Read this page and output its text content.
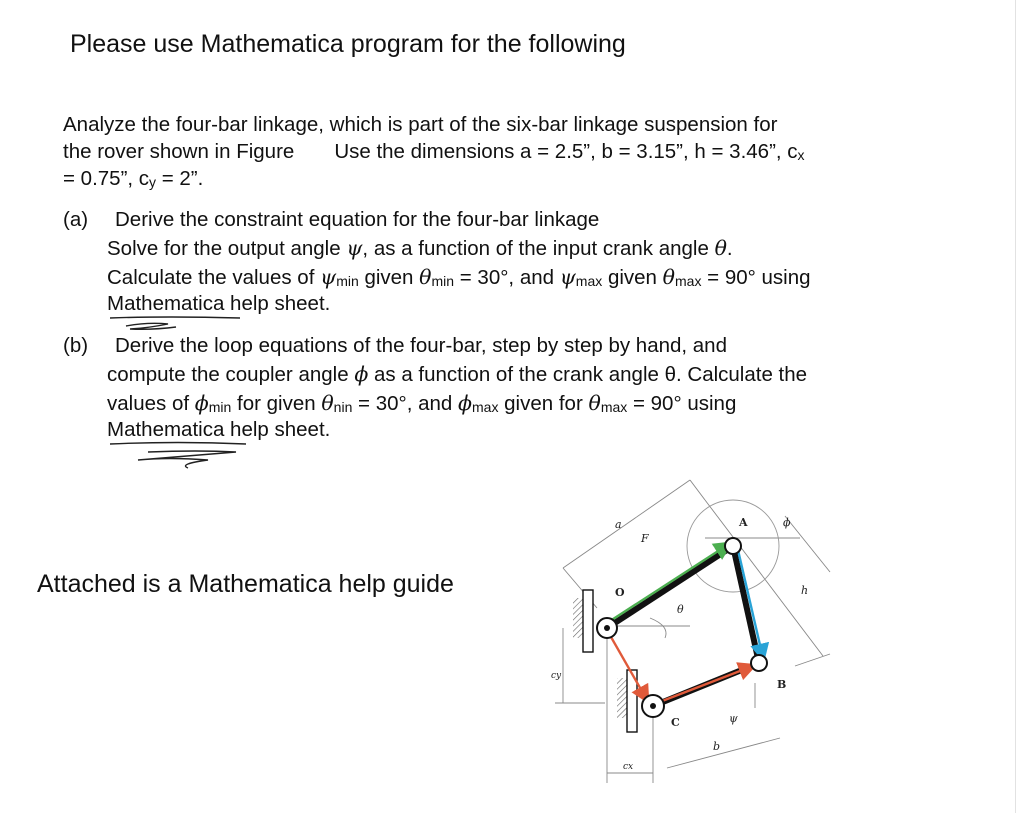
Please use Mathematica program for the following
Analyze the four-bar linkage, which is part of the six-bar linkage suspension for
the rover shown in Figure Use the dimensions a = 2.5”, b = 3.15”, h = 3.46”, cx
= 0.75”, cy = 2”.
(a) Derive the constraint equation for the four-bar linkage
Solve for the output angle ψ, as a function of the input crank angle θ.
Calculate the values of ψmin given θmin = 30°, and ψmax given θmax = 90° using
Mathematica help sheet.
(b) Derive the loop equations of the four-bar, step by step by hand, and
compute the coupler angle ϕ as a function of the crank angle θ. Calculate the
values of ϕmin for given θnin = 30°, and ϕmax given for θmax = 90° using
Mathematica help sheet.
Attached is a Mathematica help guide
a
F
A	ϕ
O
θ
h
cy
B
C	ψ
b
cx
